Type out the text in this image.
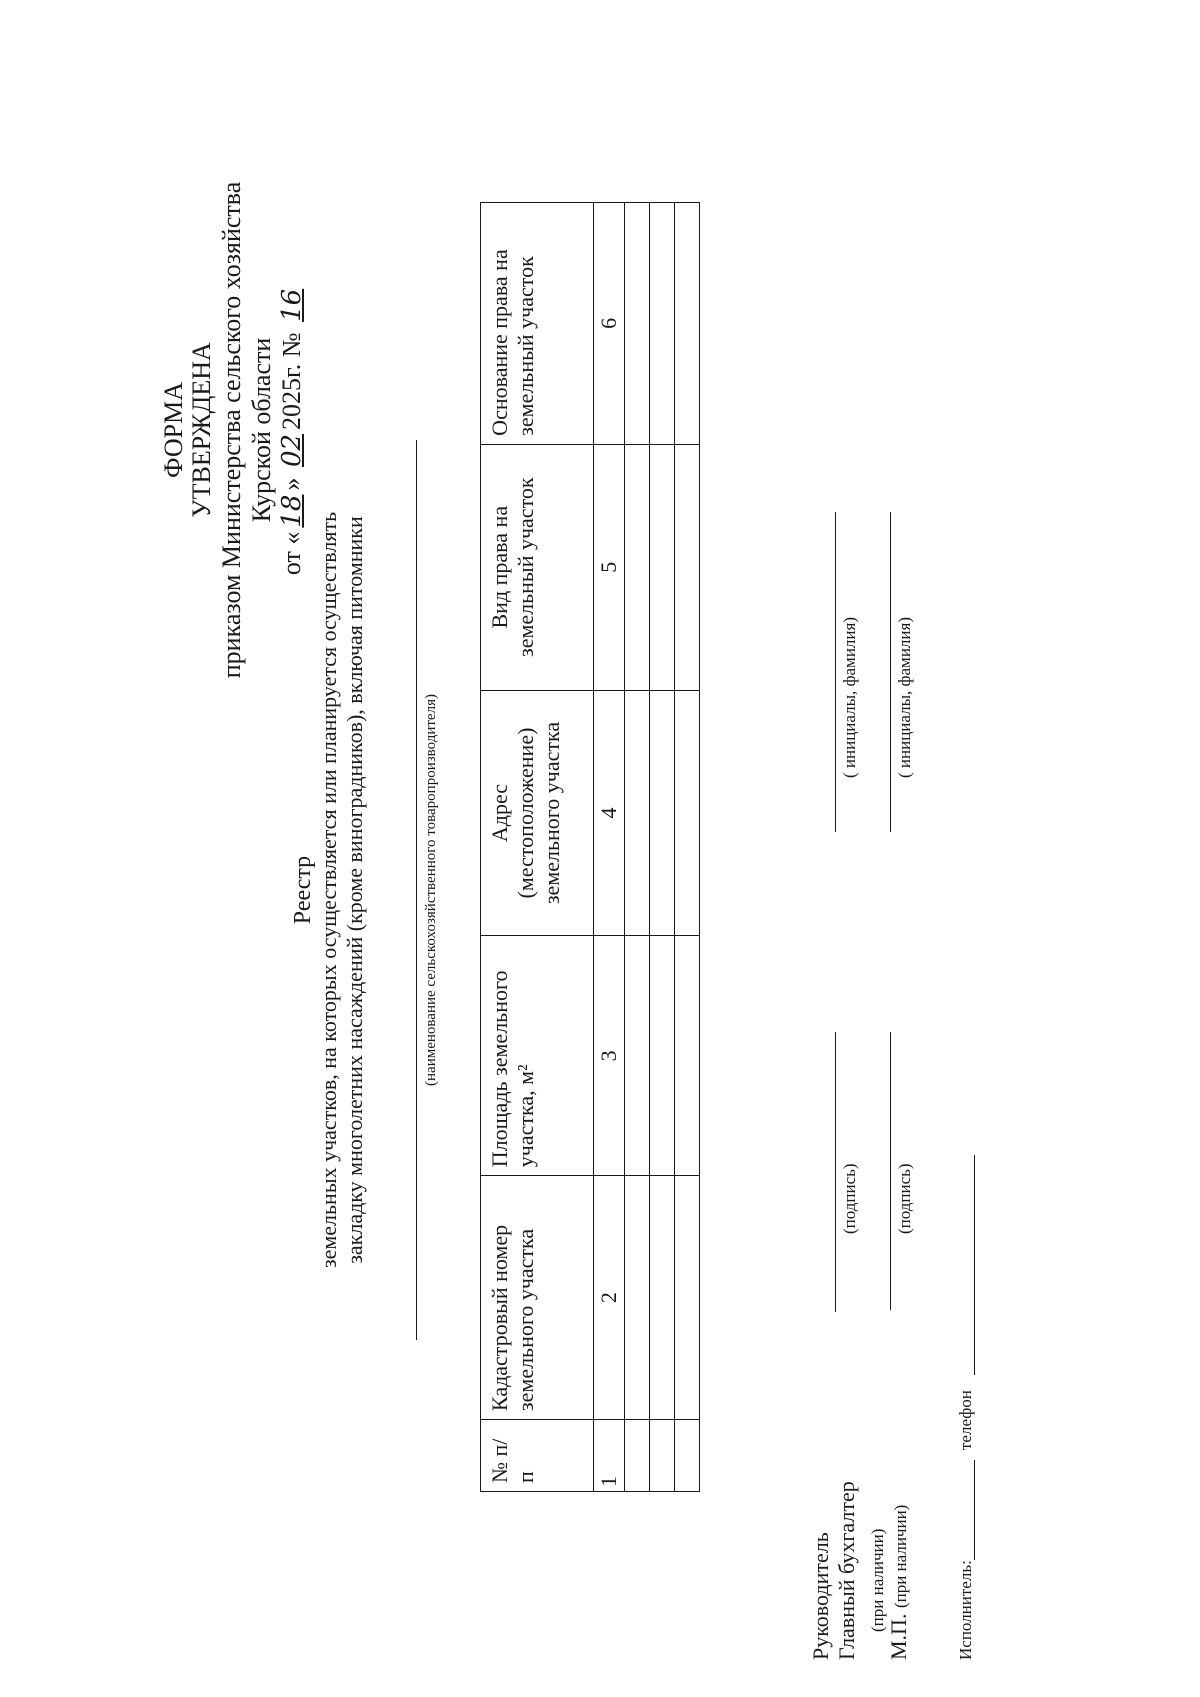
ФОРМА УТВЕРЖДЕНА приказом Министерства сельского хозяйства Курской области
от «18» 022025г. № 16
Реестр земельных участков, на которых осуществляется или планируется осуществлять закладку многолетних насаждений (кроме виноградников), включая питомники	(наименование сельскохозяйственного товаропроизводителя)
№ п/п	Кадастровый номер земельного участка	Площадь земельного участка, м²	Адрес (местоположение) земельного участка	Вид права на земельный участок	Основание права на земельный участок
1	2	3	4	5	6

Руководитель
(подпись)
( инициалы, фамилия)
Главный бухгалтер
(подпись)
( инициалы, фамилия)
(при наличии)
М.П. (при наличии)
Исполнитель:
телефон
